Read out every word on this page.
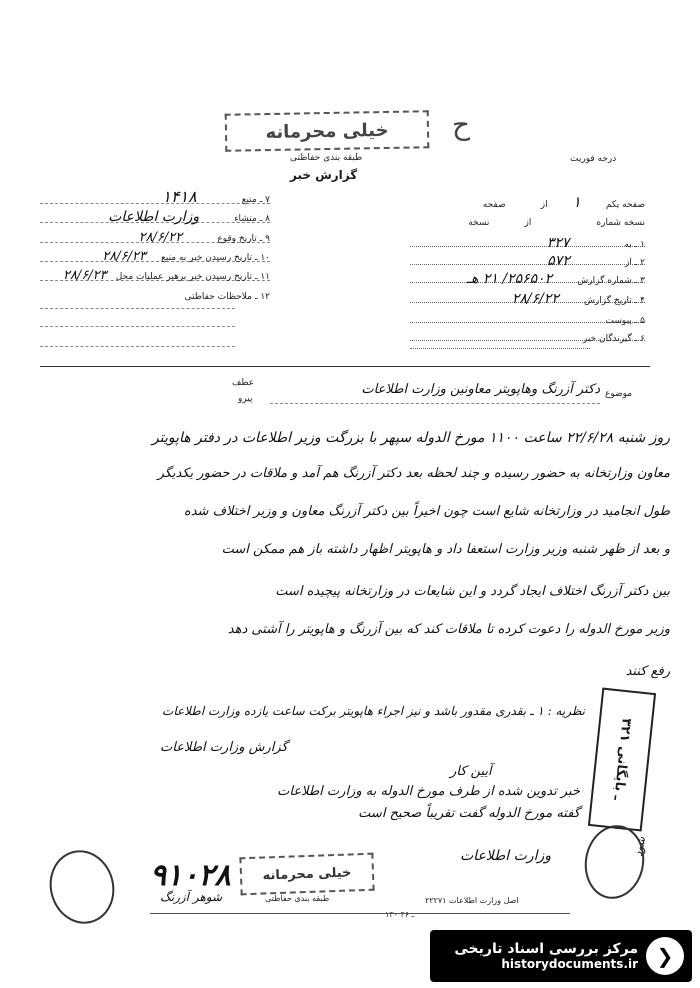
خیلی محرمانه	ح
طبقه بندی حفاظتی	درجه فوریت
گزارش خبر
صفحه یکم ۱ از صفحه
نسخه شماره از نسخه
۱ ـ به ۳۲۷
۲ ـ از ۵۷۲
۳ ـ شماره گزارش ۲۵۶۵۰۲/ ۲۱ هـ
۴ ـ تاریخ گزارش ۲۸/۶/۲۲
۵ ـ پیوست
۶ ـ گیرندگان خبر
۷ ـ منبع ۱۴۱۸
۸ ـ منشاء وزارت اطلاعات
۹ ـ تاریخ وقوع ۲۸/۶/۲۲
۱۰ ـ تاریخ رسیدن خبر به منبع ۲۸/۶/۲۳
۱۱ ـ تاریخ رسیدن خبر برهبر عملیات محل ۲۸/۶/۲۳
۱۲ ـ ملاحظات حفاظتی
عطف
پیرو	موضوع
دکتر آزرنگ وهاپویتر معاونین وزارت اطلاعات
روز شنبه ۲۲/۶/۲۸ ساعت ۱۱۰۰ مورخ الدوله سپهر با بزرگت وزیر اطلاعات در دفتر هاپویتر
معاون وزارتخانه به حضور رسیده و چند لحظه بعد دکتر آزرنگ هم آمد و ملاقات در حضور یکدیگر
طول انجامید در وزارتخانه شایع است چون اخیراً بین دکتر آزرنگ معاون و وزیر اختلاف شده
و بعد از ظهر شنبه وزیر وزارت استعفا داد و هاپویتر اظهار داشته باز هم ممکن است
بین دکتر آزرنگ اختلاف ایجاد گردد و این شایعات در وزارتخانه پیچیده است
وزیر مورخ الدوله را دعوت کرده تا ملاقات کند که بین آزرنگ و هاپویتر را آشتی دهد
رفع کنند
نظریه : ۱ ـ بقدری مقدور باشد و نیز اجراء هاپویتر برکت ساعت یازده وزارت اطلاعات
آیین کار
گزارش وزارت اطلاعات
خبر تدوین شده از طرف مورخ الدوله به وزارت اطلاعات
گفته مورخ الدوله گفت تقریباً صحیح است
۳۲۱ ـ بایگانی
شود
۹۱۰۲۸
شوهر آزرنگ
خیلی محرمانه
طبقه بندی حفاظتی
وزارت اطلاعات
اصل وزارت اطلاعات ۲۲۲۷۱
۱۳۰ ـ ۴۶
مرکز بررسی اسناد تاریخی
historydocuments.ir ❯
